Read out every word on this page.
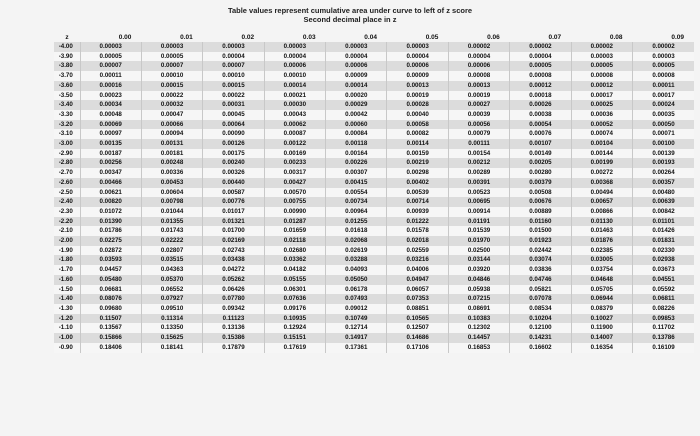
Table values represent cumulative area under curve to left of z score
Second decimal place in z
z	0.00	0.01	0.02	0.03	0.04	0.05	0.06	0.07	0.08	0.09
-4.00	0.00003	0.00003	0.00003	0.00003	0.00003	0.00003	0.00002	0.00002	0.00002	0.00002
-3.90	0.00005	0.00005	0.00004	0.00004	0.00004	0.00004	0.00004	0.00004	0.00003	0.00003
-3.80	0.00007	0.00007	0.00007	0.00006	0.00006	0.00006	0.00006	0.00005	0.00005	0.00005
-3.70	0.00011	0.00010	0.00010	0.00010	0.00009	0.00009	0.00008	0.00008	0.00008	0.00008
-3.60	0.00016	0.00015	0.00015	0.00014	0.00014	0.00013	0.00013	0.00012	0.00012	0.00011
-3.50	0.00023	0.00022	0.00022	0.00021	0.00020	0.00019	0.00019	0.00018	0.00017	0.00017
-3.40	0.00034	0.00032	0.00031	0.00030	0.00029	0.00028	0.00027	0.00026	0.00025	0.00024
-3.30	0.00048	0.00047	0.00045	0.00043	0.00042	0.00040	0.00039	0.00038	0.00036	0.00035
-3.20	0.00069	0.00066	0.00064	0.00062	0.00060	0.00058	0.00056	0.00054	0.00052	0.00050
-3.10	0.00097	0.00094	0.00090	0.00087	0.00084	0.00082	0.00079	0.00076	0.00074	0.00071
-3.00	0.00135	0.00131	0.00126	0.00122	0.00118	0.00114	0.00111	0.00107	0.00104	0.00100
-2.90	0.00187	0.00181	0.00175	0.00169	0.00164	0.00159	0.00154	0.00149	0.00144	0.00139
-2.80	0.00256	0.00248	0.00240	0.00233	0.00226	0.00219	0.00212	0.00205	0.00199	0.00193
-2.70	0.00347	0.00336	0.00326	0.00317	0.00307	0.00298	0.00289	0.00280	0.00272	0.00264
-2.60	0.00466	0.00453	0.00440	0.00427	0.00415	0.00402	0.00391	0.00379	0.00368	0.00357
-2.50	0.00621	0.00604	0.00587	0.00570	0.00554	0.00539	0.00523	0.00508	0.00494	0.00480
-2.40	0.00820	0.00798	0.00776	0.00755	0.00734	0.00714	0.00695	0.00676	0.00657	0.00639
-2.30	0.01072	0.01044	0.01017	0.00990	0.00964	0.00939	0.00914	0.00889	0.00866	0.00842
-2.20	0.01390	0.01355	0.01321	0.01287	0.01255	0.01222	0.01191	0.01160	0.01130	0.01101
-2.10	0.01786	0.01743	0.01700	0.01659	0.01618	0.01578	0.01539	0.01500	0.01463	0.01426
-2.00	0.02275	0.02222	0.02169	0.02118	0.02068	0.02018	0.01970	0.01923	0.01876	0.01831
-1.90	0.02872	0.02807	0.02743	0.02680	0.02619	0.02559	0.02500	0.02442	0.02385	0.02330
-1.80	0.03593	0.03515	0.03438	0.03362	0.03288	0.03216	0.03144	0.03074	0.03005	0.02938
-1.70	0.04457	0.04363	0.04272	0.04182	0.04093	0.04006	0.03920	0.03836	0.03754	0.03673
-1.60	0.05480	0.05370	0.05262	0.05155	0.05050	0.04947	0.04846	0.04746	0.04648	0.04551
-1.50	0.06681	0.06552	0.06426	0.06301	0.06178	0.06057	0.05938	0.05821	0.05705	0.05592
-1.40	0.08076	0.07927	0.07780	0.07636	0.07493	0.07353	0.07215	0.07078	0.06944	0.06811
-1.30	0.09680	0.09510	0.09342	0.09176	0.09012	0.08851	0.08691	0.08534	0.08379	0.08226
-1.20	0.11507	0.11314	0.11123	0.10935	0.10749	0.10565	0.10383	0.10204	0.10027	0.09853
-1.10	0.13567	0.13350	0.13136	0.12924	0.12714	0.12507	0.12302	0.12100	0.11900	0.11702
-1.00	0.15866	0.15625	0.15386	0.15151	0.14917	0.14686	0.14457	0.14231	0.14007	0.13786
-0.90	0.18406	0.18141	0.17879	0.17619	0.17361	0.17106	0.16853	0.16602	0.16354	0.16109
